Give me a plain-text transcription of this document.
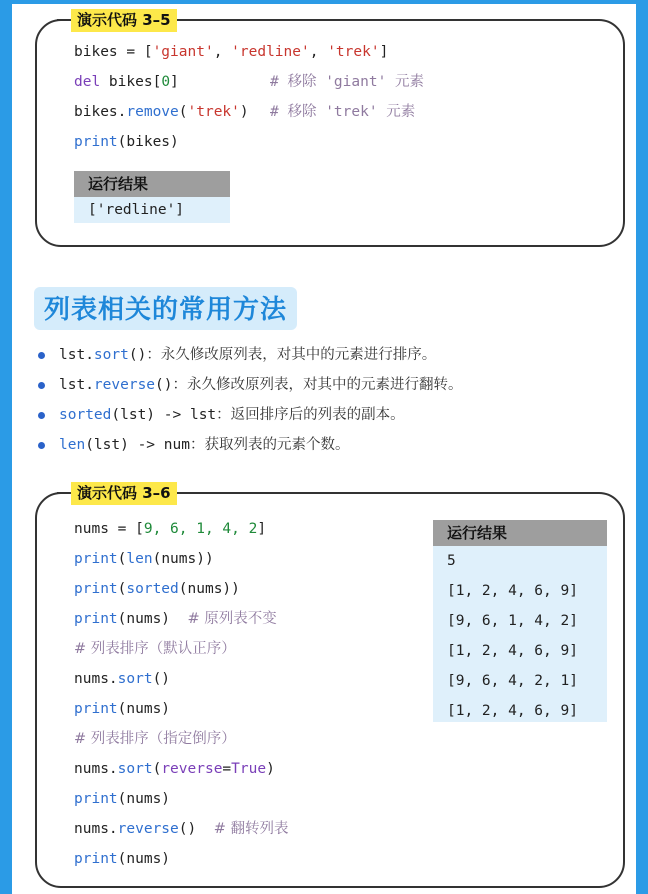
演示代码 3–5
bikes = ['giant', 'redline', 'trek']
del bikes[0]	# 移除 'giant' 元素
bikes.remove('trek') # 移除 'trek' 元素
print(bikes)
运行结果
['redline']
列表相关的常用方法
lst.sort()：永久修改原列表，对其中的元素进行排序。
lst.reverse()：永久修改原列表，对其中的元素进行翻转。
sorted(lst) -> lst：返回排序后的列表的副本。
len(lst) -> num：获取列表的元素个数。
演示代码 3–6
nums = [9, 6, 1, 4, 2]
print(len(nums))
print(sorted(nums))
print(nums) # 原列表不变
# 列表排序（默认正序）
nums.sort()
print(nums)
# 列表排序（指定倒序）
nums.sort(reverse=True)
print(nums)
nums.reverse() # 翻转列表
print(nums)
运行结果
5
[1, 2, 4, 6, 9]
[9, 6, 1, 4, 2]
[1, 2, 4, 6, 9]
[9, 6, 4, 2, 1]
[1, 2, 4, 6, 9]
